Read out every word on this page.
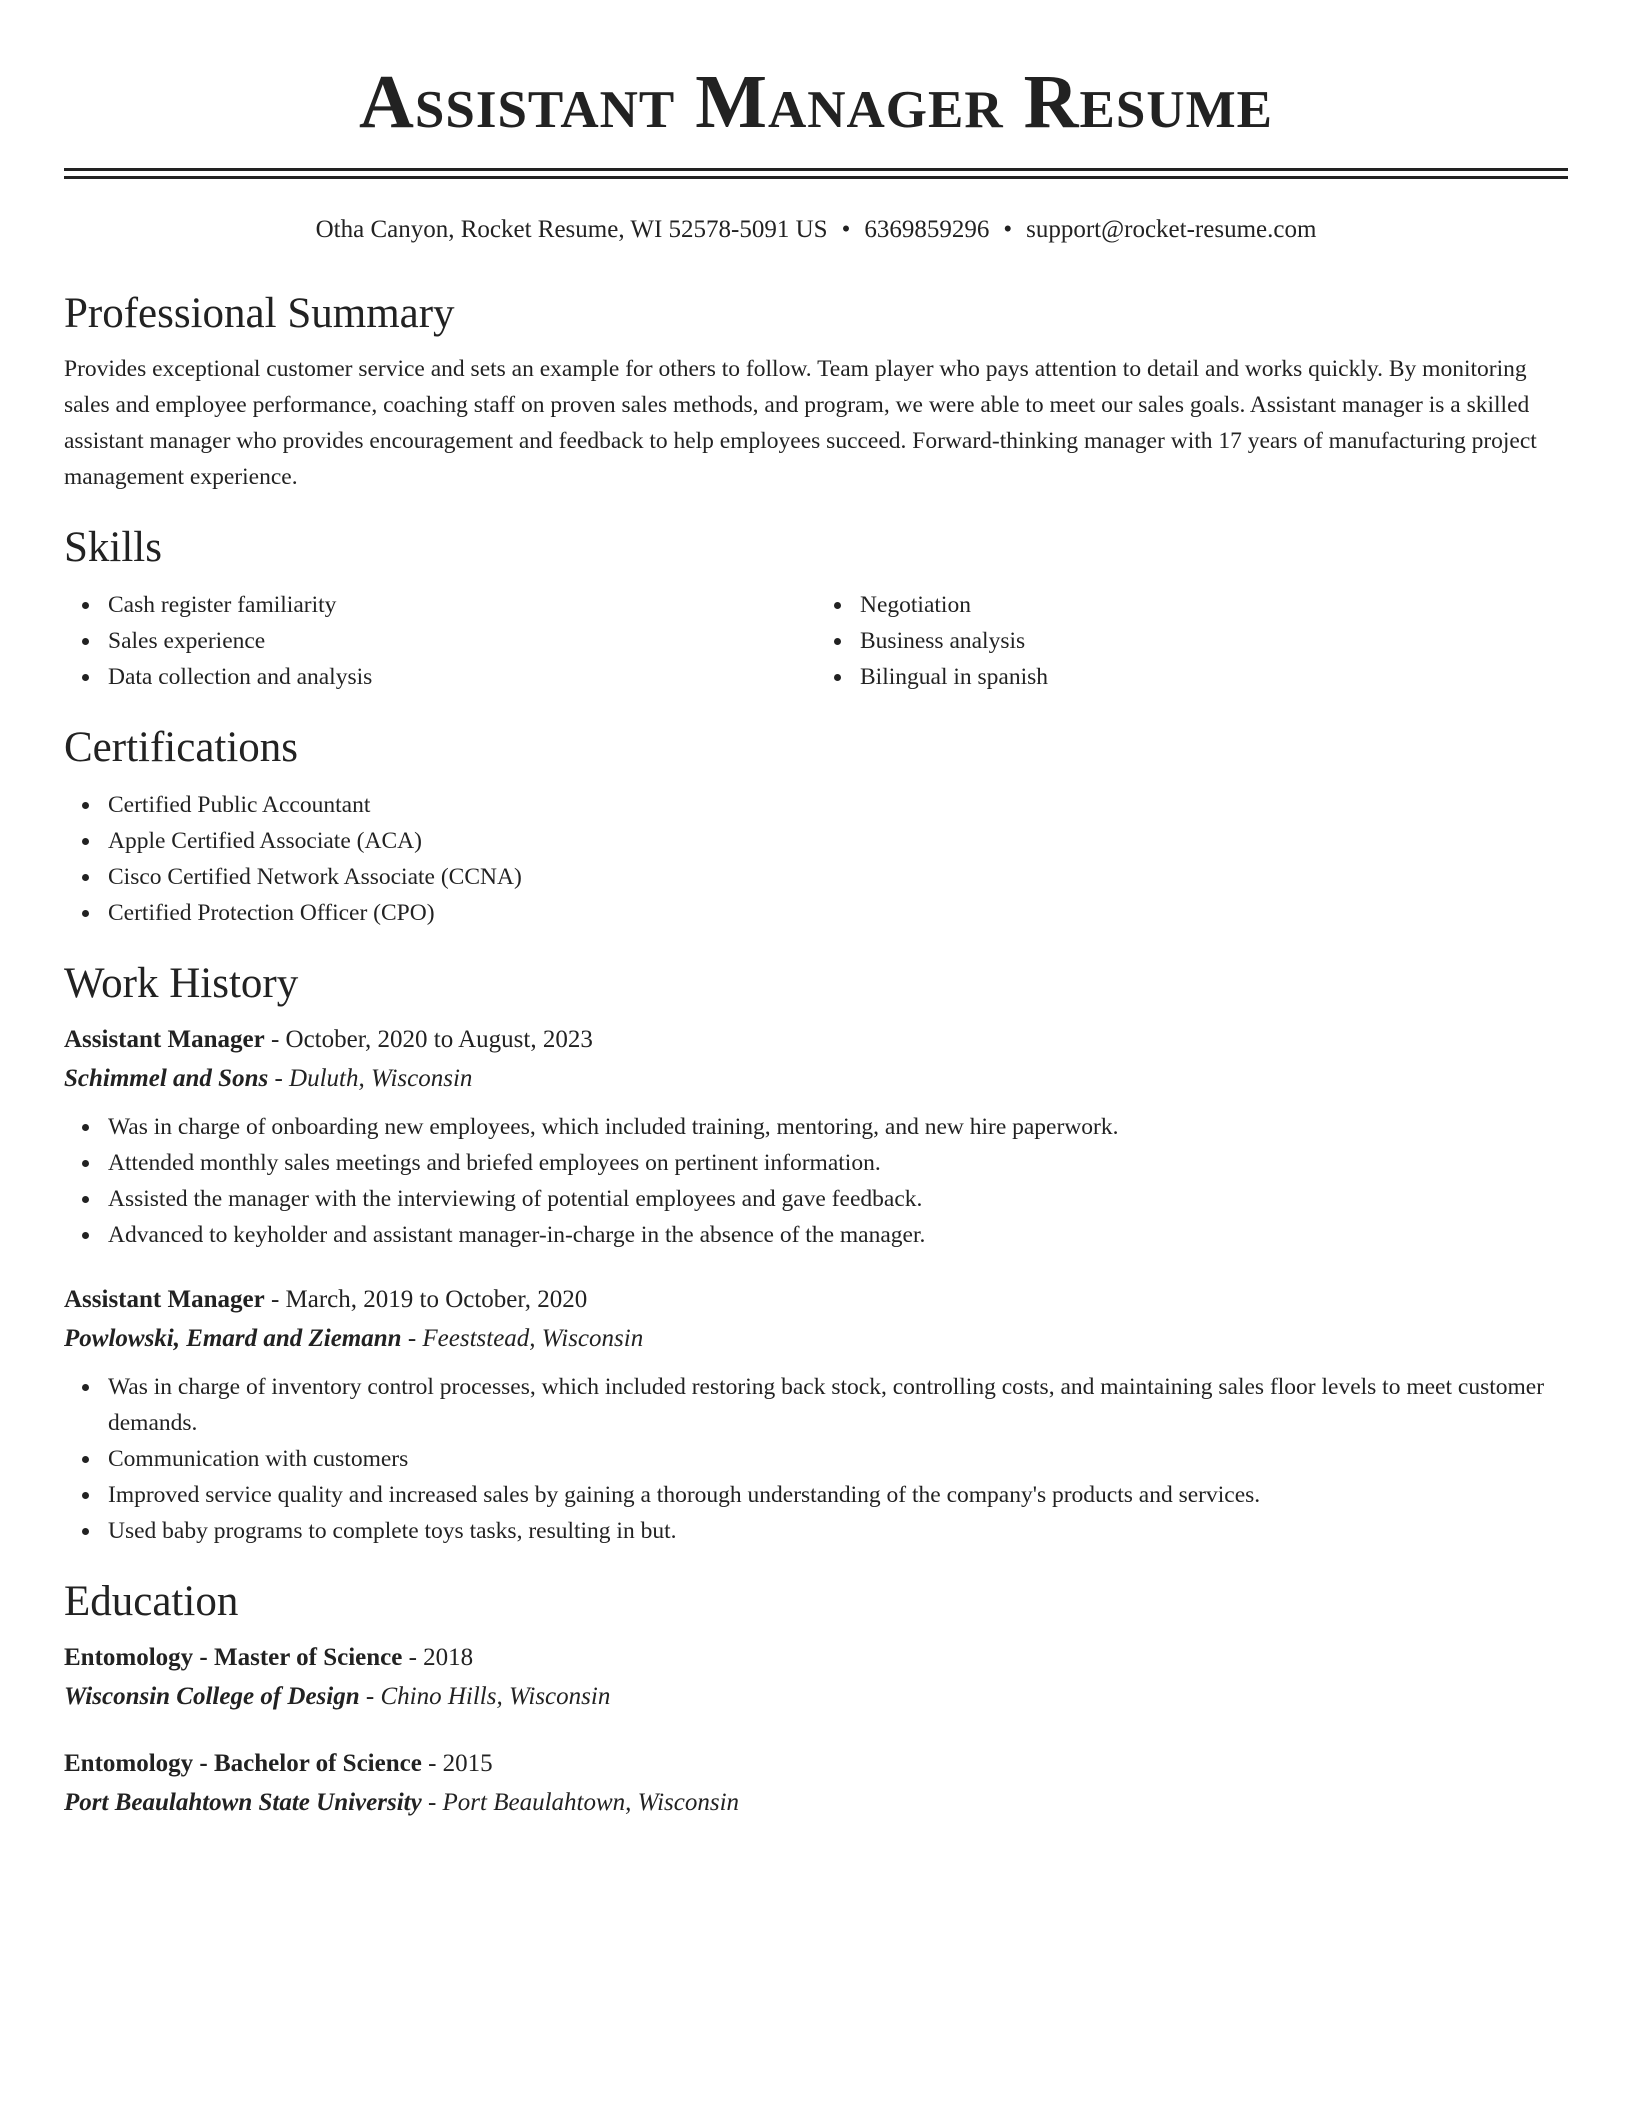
Assistant Manager Resume
Otha Canyon, Rocket Resume, WI 52578-5091 US • 6369859296 • support@rocket-resume.com
Professional Summary
Provides exceptional customer service and sets an example for others to follow. Team player who pays attention to detail and works quickly. By monitoring sales and employee performance, coaching staff on proven sales methods, and program, we were able to meet our sales goals. Assistant manager is a skilled assistant manager who provides encouragement and feedback to help employees succeed. Forward-thinking manager with 17 years of manufacturing project management experience.
Skills
Cash register familiarity
Sales experience
Data collection and analysis
Negotiation
Business analysis
Bilingual in spanish
Certifications
Certified Public Accountant
Apple Certified Associate (ACA)
Cisco Certified Network Associate (CCNA)
Certified Protection Officer (CPO)
Work History
Assistant Manager - October, 2020 to August, 2023
Schimmel and Sons - Duluth, Wisconsin
Was in charge of onboarding new employees, which included training, mentoring, and new hire paperwork.
Attended monthly sales meetings and briefed employees on pertinent information.
Assisted the manager with the interviewing of potential employees and gave feedback.
Advanced to keyholder and assistant manager-in-charge in the absence of the manager.
Assistant Manager - March, 2019 to October, 2020
Powlowski, Emard and Ziemann - Feeststead, Wisconsin
Was in charge of inventory control processes, which included restoring back stock, controlling costs, and maintaining sales floor levels to meet customer demands.
Communication with customers
Improved service quality and increased sales by gaining a thorough understanding of the company's products and services.
Used baby programs to complete toys tasks, resulting in but.
Education
Entomology - Master of Science - 2018
Wisconsin College of Design - Chino Hills, Wisconsin
Entomology - Bachelor of Science - 2015
Port Beaulahtown State University - Port Beaulahtown, Wisconsin
